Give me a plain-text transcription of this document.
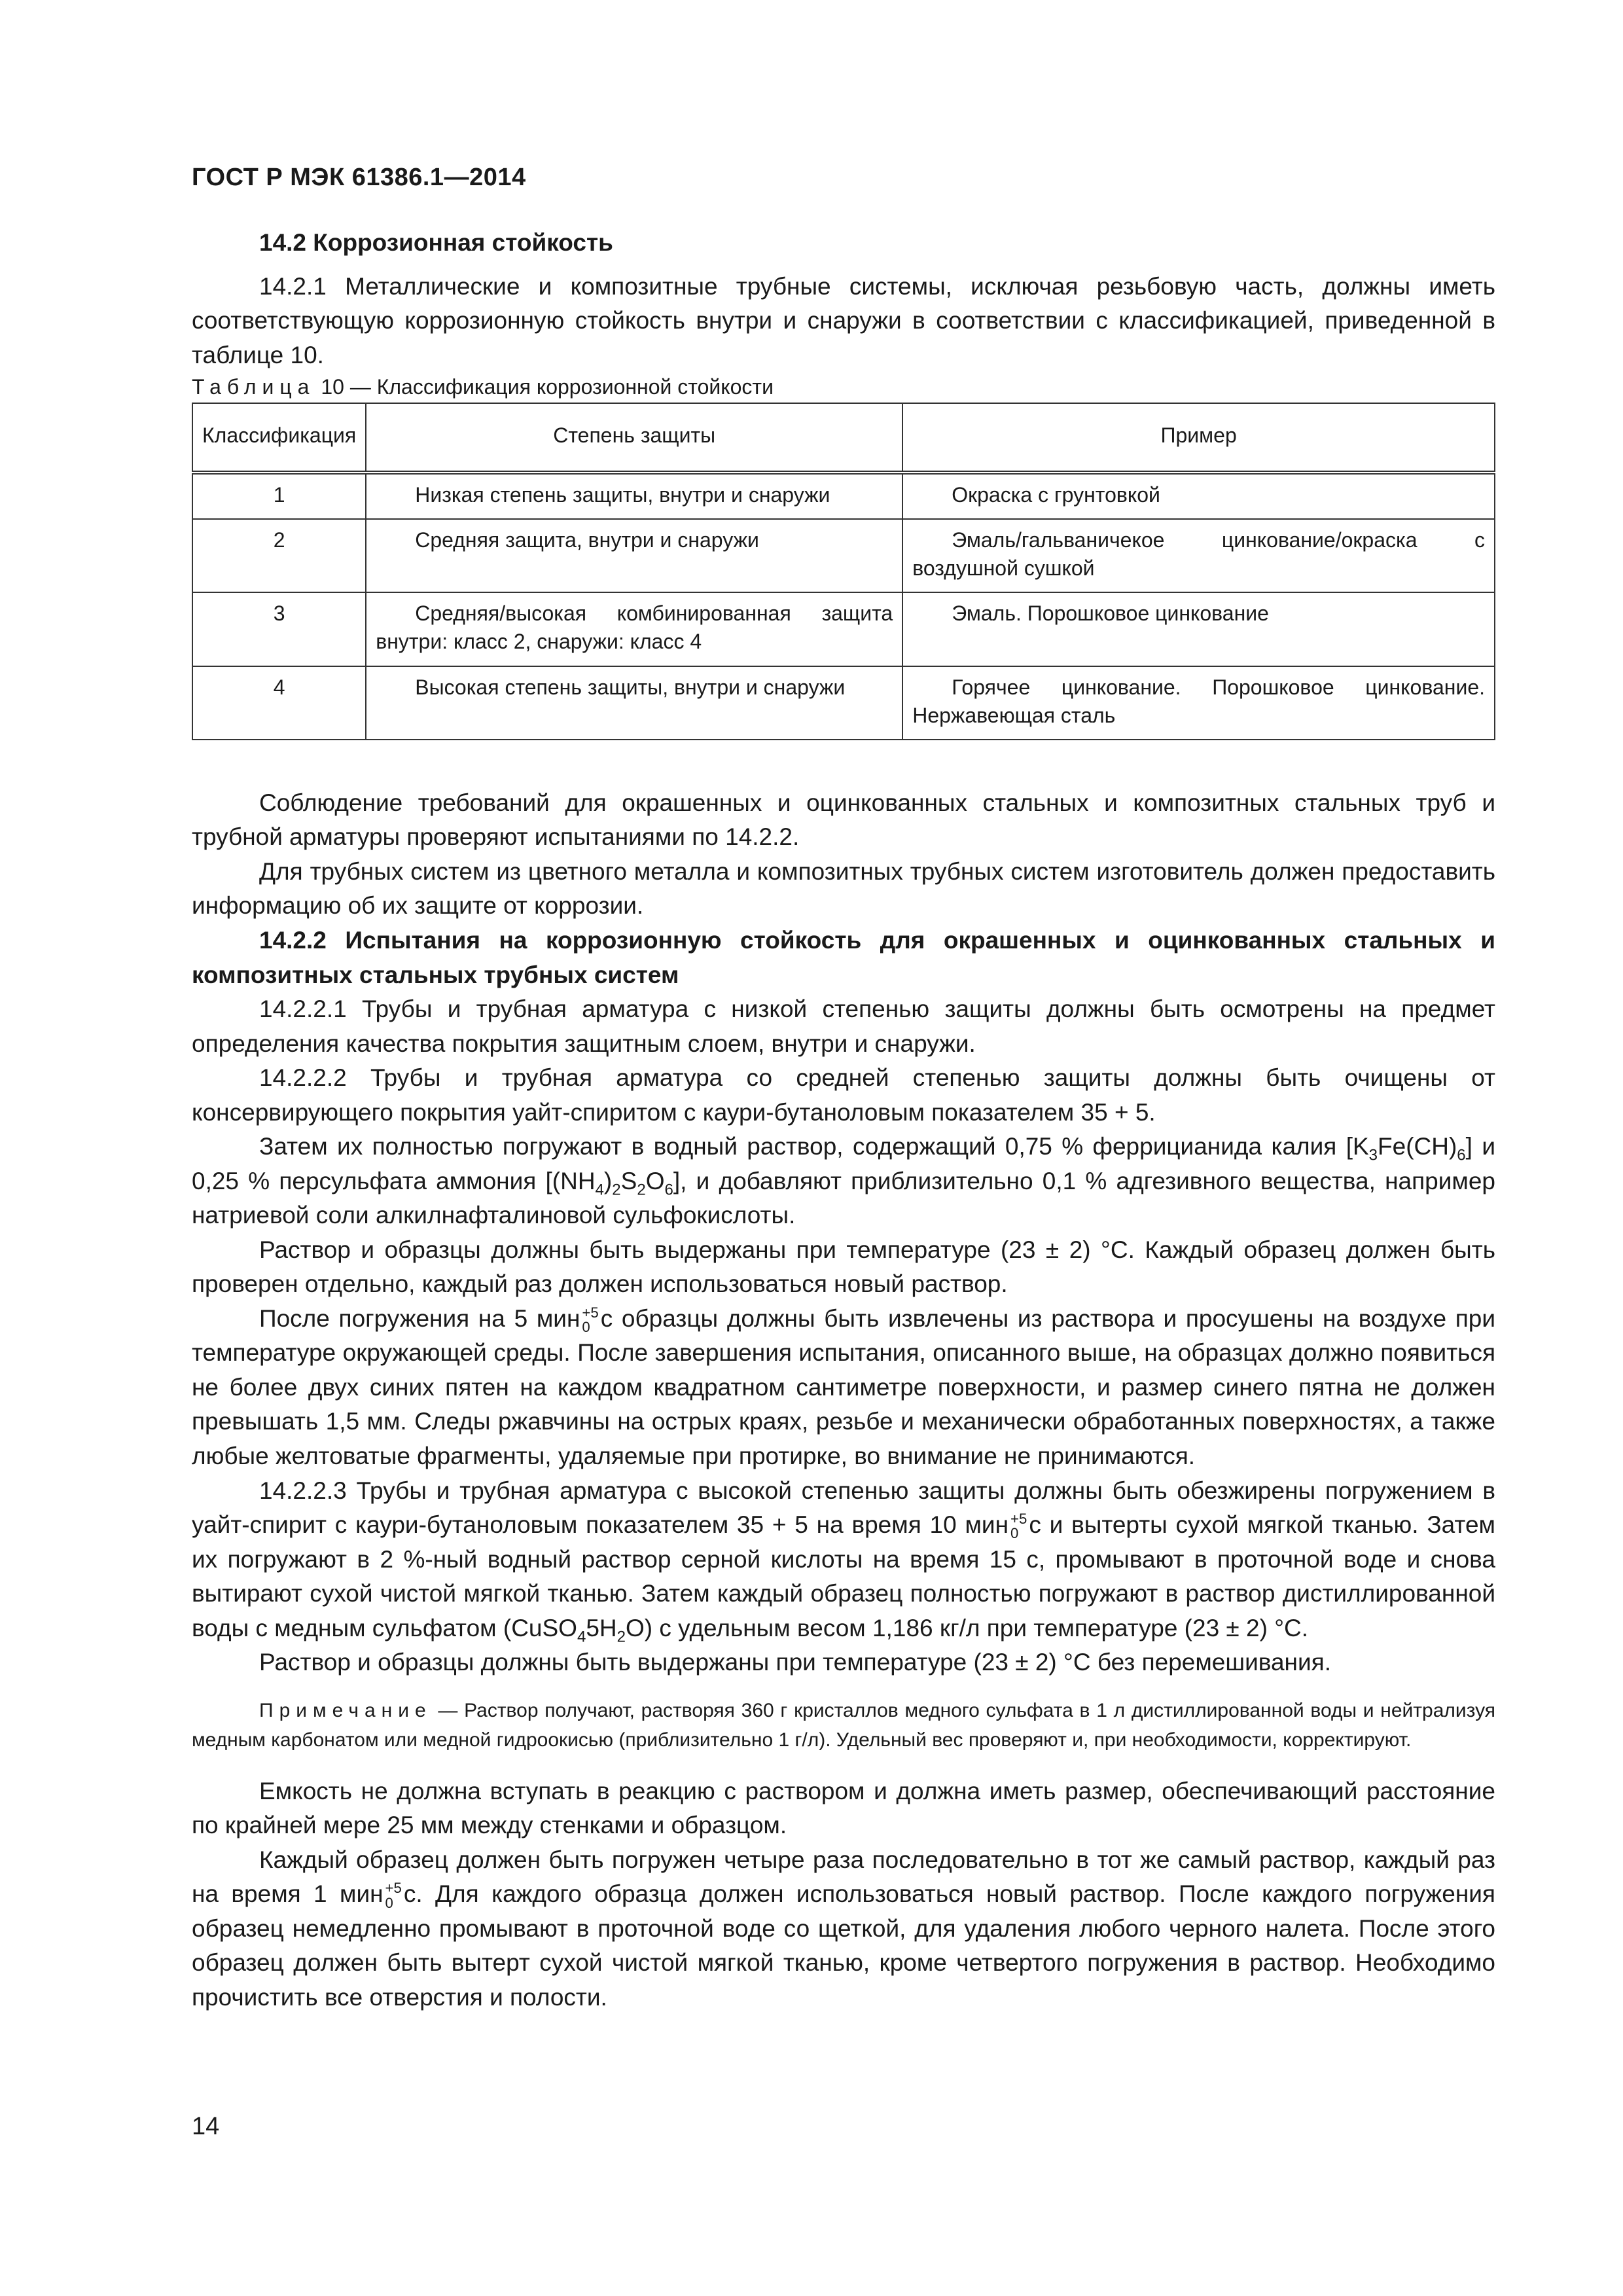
ГОСТ Р МЭК 61386.1—2014
14.2 Коррозионная стойкость

14.2.1 Металлические и композитные трубные системы, исключая резьбовую часть, должны иметь соответствующую коррозионную стойкость внутри и снаружи в соответствии с классификацией, приведенной в таблице 10.

Таблица 10 — Классификация коррозионной стойкости

Классификация	Степень защиты	Пример
1	Низкая степень защиты, внутри и снаружи	Окраска с грунтовкой
2	Средняя защита, внутри и снаружи	Эмаль/гальваничекое цинкование/окраска с воздушной сушкой
3	Средняя/высокая комбинированная защита внутри: класс 2, снаружи: класс 4	Эмаль. Порошковое цинкование
4	Высокая степень защиты, внутри и снаружи	Горячее цинкование. Порошковое цинкование. Нержавеющая сталь

Соблюдение требований для окрашенных и оцинкованных стальных и композитных стальных труб и трубной арматуры проверяют испытаниями по 14.2.2.

Для трубных систем из цветного металла и композитных трубных систем изготовитель должен предоставить информацию об их защите от коррозии.

14.2.2 Испытания на коррозионную стойкость для окрашенных и оцинкованных стальных и композитных стальных трубных систем

14.2.2.1 Трубы и трубная арматура с низкой степенью защиты должны быть осмотрены на предмет определения качества покрытия защитным слоем, внутри и снаружи.

14.2.2.2 Трубы и трубная арматура со средней степенью защиты должны быть очищены от консервирующего покрытия уайт-спиритом с каури-бутаноловым показателем 35 + 5.

Затем их полностью погружают в водный раствор, содержащий 0,75 % феррицианида калия $[K_3Fe(CH)_6]$ и 0,25 % персульфата аммония $[(NH_4)_2S_2O_6]$, и добавляют приблизительно 0,1 % адгезивного вещества, например натриевой соли алкилнафталиновой сульфокислоты.

Раствор и образцы должны быть выдержаны при температуре (23 ± 2) °С. Каждый образец должен быть проверен отдельно, каждый раз должен использоваться новый раствор.

После погружения на 5 мин +5
0 с образцы должны быть извлечены из раствора и просушены на воздухе при температуре окружающей среды. После завершения испытания, описанного выше, на образцах должно появиться не более двух синих пятен на каждом квадратном сантиметре поверхности, и размер синего пятна не должен превышать 1,5 мм. Следы ржавчины на острых краях, резьбе и механически обработанных поверхностях, а также любые желтоватые фрагменты, удаляемые при протирке, во внимание не принимаются.

14.2.2.3 Трубы и трубная арматура с высокой степенью защиты должны быть обезжирены погружением в уайт-спирит с каури-бутаноловым показателем 35 + 5 на время 10 мин +5
0 с и вытерты сухой мягкой тканью. Затем их погружают в 2 %-ный водный раствор серной кислоты на время 15 с, промывают в проточной воде и снова вытирают сухой чистой мягкой тканью. Затем каждый образец полностью погружают в раствор дистиллированной воды с медным сульфатом $(CuSO_45H_2O)$ с удельным весом 1,186 кг/л при температуре (23 ± 2) °С.

Раствор и образцы должны быть выдержаны при температуре (23 ± 2) °С без перемешивания.

Примечание — Раствор получают, растворяя 360 г кристаллов медного сульфата в 1 л дистиллированной воды и нейтрализуя медным карбонатом или медной гидроокисью (приблизительно 1 г/л). Удельный вес проверяют и, при необходимости, корректируют.

Емкость не должна вступать в реакцию с раствором и должна иметь размер, обеспечивающий расстояние по крайней мере 25 мм между стенками и образцом.

Каждый образец должен быть погружен четыре раза последовательно в тот же самый раствор, каждый раз на время 1 мин +5
0 с. Для каждого образца должен использоваться новый раствор. После каждого погружения образец немедленно промывают в проточной воде со щеткой, для удаления любого черного налета. После этого образец должен быть вытерт сухой чистой мягкой тканью, кроме четвертого погружения в раствор. Необходимо прочистить все отверстия и полости.

14
